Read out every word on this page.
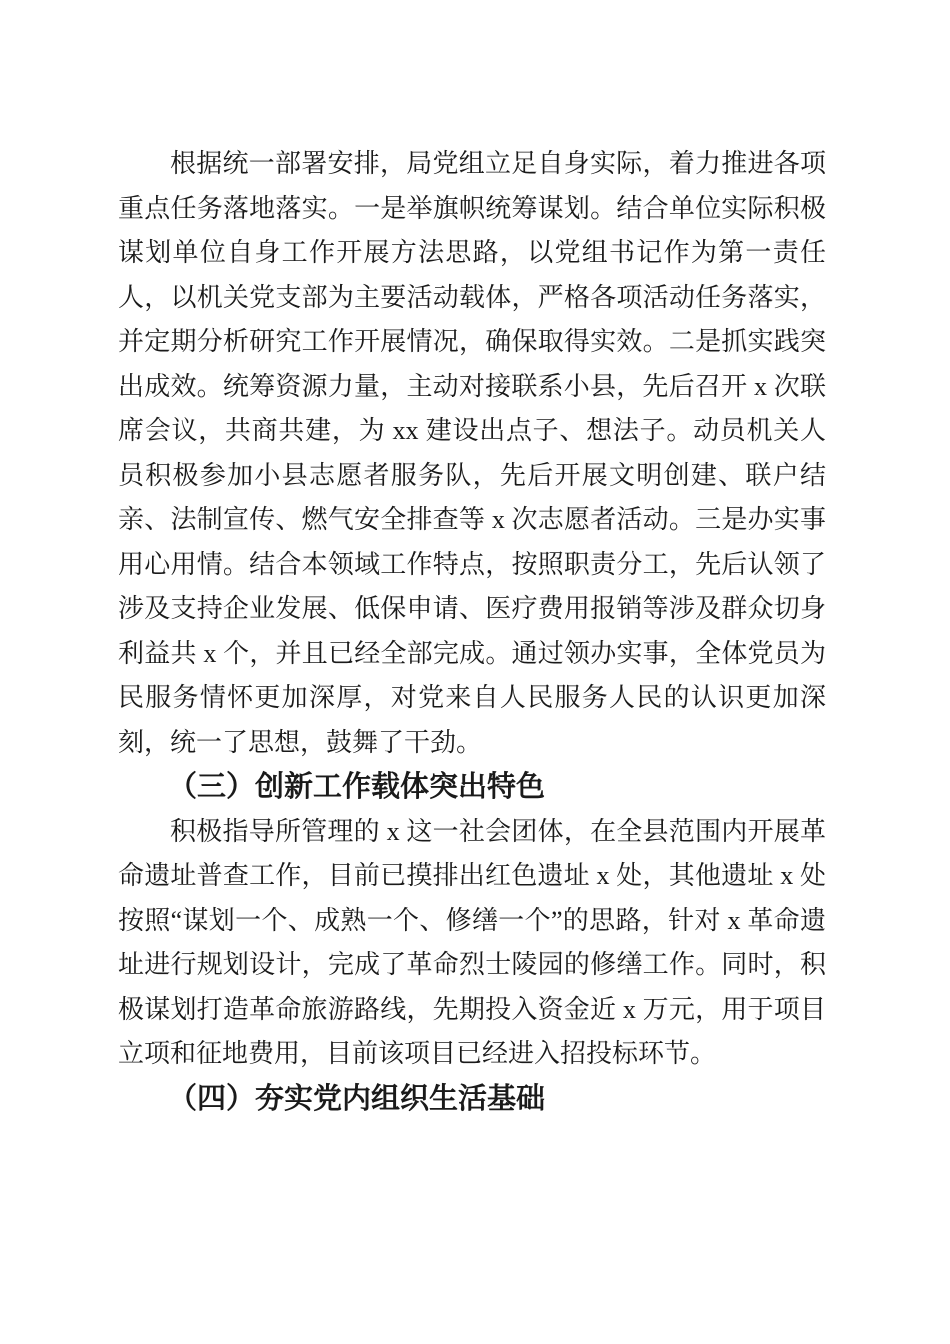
根据统一部署安排，局党组立足自身实际，着力推进各项重点任务落地落实。一是举旗帜统筹谋划。结合单位实际积极谋划单位自身工作开展方法思路，以党组书记作为第一责任人，以机关党支部为主要活动载体，严格各项活动任务落实，并定期分析研究工作开展情况，确保取得实效。二是抓实践突出成效。统筹资源力量，主动对接联系小县，先后召开 x 次联席会议，共商共建，为 xx 建设出点子、想法子。动员机关人员积极参加小县志愿者服务队，先后开展文明创建、联户结亲、法制宣传、燃气安全排查等 x 次志愿者活动。三是办实事用心用情。结合本领域工作特点，按照职责分工，先后认领了涉及支持企业发展、低保申请、医疗费用报销等涉及群众切身利益共 x 个，并且已经全部完成。通过领办实事，全体党员为民服务情怀更加深厚，对党来自人民服务人民的认识更加深刻，统一了思想，鼓舞了干劲。

（三）创新工作载体突出特色

积极指导所管理的 x 这一社会团体，在全县范围内开展革命遗址普查工作，目前已摸排出红色遗址 x 处，其他遗址 x 处按照“谋划一个、成熟一个、修缮一个”的思路，针对 x 革命遗址进行规划设计，完成了革命烈士陵园的修缮工作。同时，积极谋划打造革命旅游路线，先期投入资金近 x 万元，用于项目立项和征地费用，目前该项目已经进入招投标环节。

（四）夯实党内组织生活基础
